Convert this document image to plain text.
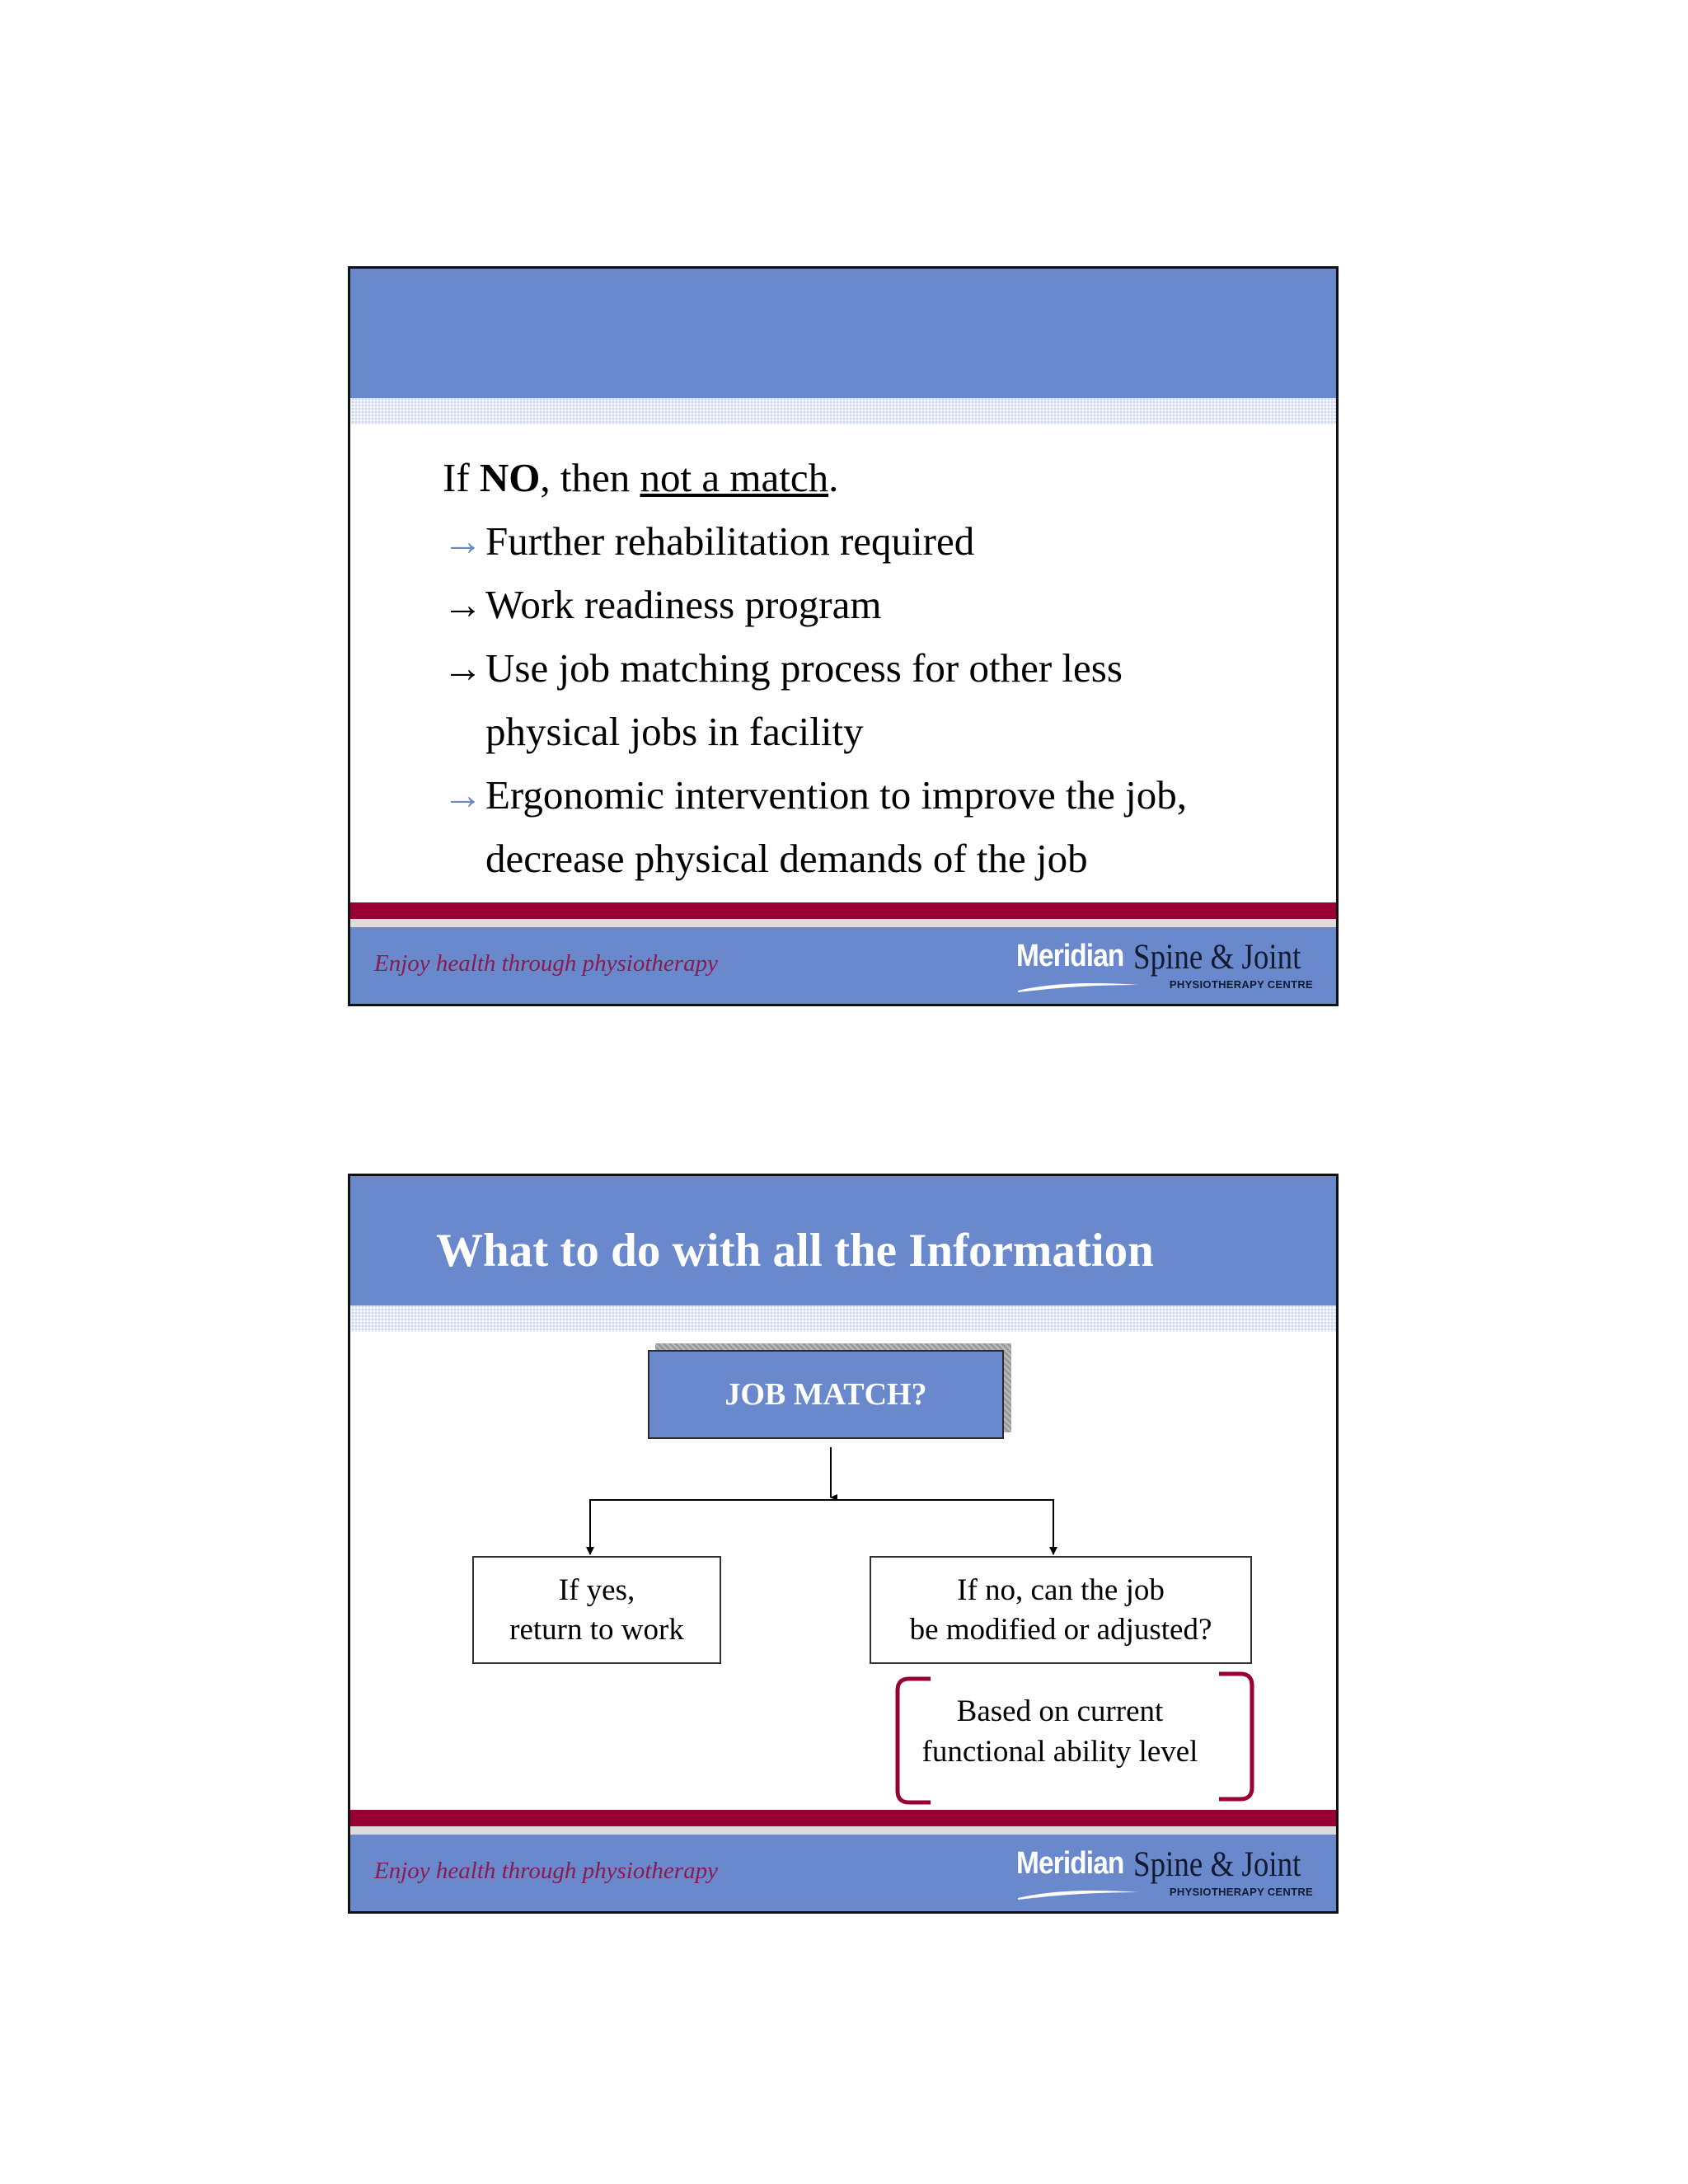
If NO, then not a match.
→Further rehabilitation required
→Work readiness program
→Use job matching process for other less
physical jobs in facility
→Ergonomic intervention to improve the job,
decrease physical demands of the job
Enjoy health through physiotherapy	Meridian Spine & Joint
PHYSIOTHERAPY CENTRE
What to do with all the Information
JOB MATCH?
If yes,
return to work
If no, can the job
be modified or adjusted?
Based on current
functional ability level
Enjoy health through physiotherapy	Meridian Spine & Joint
PHYSIOTHERAPY CENTRE
